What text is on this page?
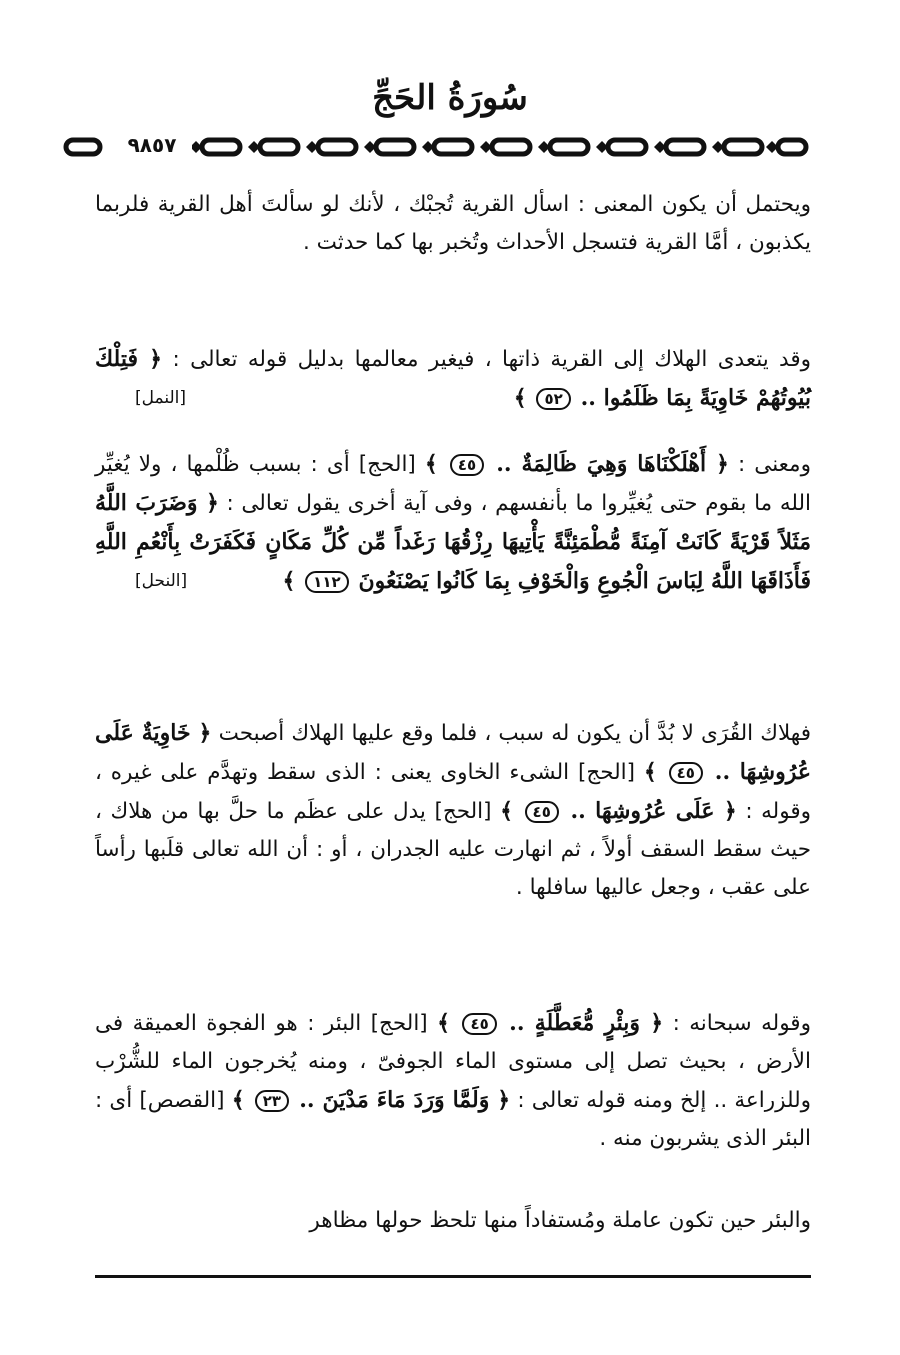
سُورَةُ الحَجِّ
٩٨٥٧

ويحتمل أن يكون المعنى : اسأل القرية تُجبْك ، لأنك لو سألتَ أهل القرية فلربما يكذبون ، أمَّا القرية فتسجل الأحداث وتُخبر بها كما حدثت .

وقد يتعدى الهلاك إلى القرية ذاتها ، فيغير معالمها بدليل قوله تعالى : ﴿ فَتِلْكَ بُيُوتُهُمْ خَاوِيَةً بِمَا ظَلَمُوا .. ٥٢ ﴾
[النمل]

ومعنى : ﴿ أَهْلَكْنَاهَا وَهِيَ ظَالِمَةٌ .. ٤٥ ﴾ [الحج] أى : بسبب ظُلْمها ، ولا يُغيِّر الله ما بقوم حتى يُغيِّروا ما بأنفسهم ، وفى آية أخرى يقول تعالى : ﴿ وَضَرَبَ اللَّهُ مَثَلاً قَرْيَةً كَانَتْ آمِنَةً مُّطْمَئِنَّةً يَأْتِيهَا رِزْقُهَا رَغَداً مِّن كُلِّ مَكَانٍ فَكَفَرَتْ بِأَنْعُمِ اللَّهِ فَأَذَاقَهَا اللَّهُ لِبَاسَ الْجُوعِ وَالْخَوْفِ بِمَا كَانُوا يَصْنَعُونَ ١١٢ ﴾
[النحل]

فهلاك القُرَى لا بُدَّ أن يكون له سبب ، فلما وقع عليها الهلاك أصبحت ﴿ خَاوِيَةٌ عَلَى عُرُوشِهَا .. ٤٥ ﴾ [الحج] الشىء الخاوى يعنى : الذى سقط وتهدَّم على غيره ، وقوله : ﴿ عَلَى عُرُوشِهَا .. ٤٥ ﴾ [الحج] يدل على عظَم ما حلَّ بها من هلاك ، حيث سقط السقف أولاً ، ثم انهارت عليه الجدران ، أو : أن الله تعالى قلَبها رأساً على عقب ، وجعل عاليها سافلها .

وقوله سبحانه : ﴿ وَبِئْرٍ مُّعَطَّلَةٍ .. ٤٥ ﴾ [الحج] البئر : هو الفجوة العميقة فى الأرض ، بحيث تصل إلى مستوى الماء الجوفىّ ، ومنه يُخرجون الماء للشُّرْب وللزراعة .. إلخ ومنه قوله تعالى : ﴿ وَلَمَّا وَرَدَ مَاءَ مَدْيَنَ .. ٢٣ ﴾ [القصص] أى : البئر الذى يشربون منه .

والبئر حين تكون عاملة ومُستفاداً منها تلحظ حولها مظاهر
